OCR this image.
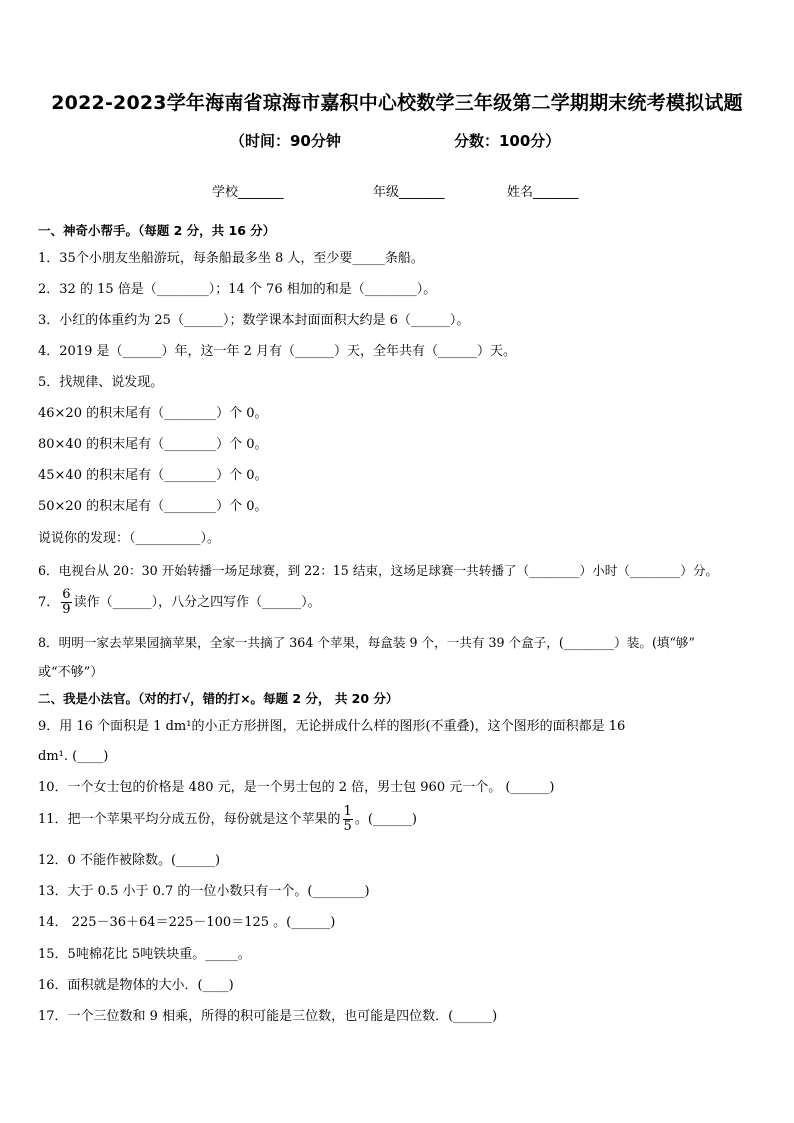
2022-2023学年海南省琼海市嘉积中心校数学三年级第二学期期末统考模拟试题
（时间：90分钟	分数：100分）
学校_______	年级_______	姓名_______
一、神奇小帮手。（每题 2 分，共 16 分）
1．35个小朋友坐船游玩，每条船最多坐 8 人，至少要_____条船。
2．32 的 15 倍是（________）；14 个 76 相加的和是（________）。
3．小红的体重约为 25（______）；数学课本封面面积大约是 6（______）。
4．2019 是（______）年，这一年 2 月有（______）天，全年共有（______）天。
5．找规律、说发现。
46×20 的积末尾有（________）个 0。
80×40 的积末尾有（________）个 0。
45×40 的积末尾有（________）个 0。
50×20 的积末尾有（________）个 0。
说说你的发现：（__________）。
6．电视台从 20：30 开始转播一场足球赛，到 22：15 结束，这场足球赛一共转播了（________）小时（________）分。
7． $\frac{6}{9}$ 读作（______），八分之四写作（______）。
8．明明一家去苹果园摘苹果，全家一共摘了 364 个苹果，每盒装 9 个，一共有 39 个盒子，(________）装。(填“够”
或“不够”）
二、我是小法官。（对的打√，错的打×。每题 2 分， 共 20 分）
9．用 16 个面积是 1 dm¹的小正方形拼图，无论拼成什么样的图形(不重叠)，这个图形的面积都是 16
dm¹. (____)
10．一个女士包的价格是 480 元，是一个男士包的 2 倍，男士包 960 元一个。 (______)
11．把一个苹果平均分成五份，每份就是这个苹果的 $\frac{1}{5}$ 。(______)
12．0 不能作被除数。(______)
13．大于 0.5 小于 0.7 的一位小数只有一个。(________)
14． 225－36＋64＝225－100＝125 。(______)
15．5吨棉花比 5吨铁块重。_____。
16．面积就是物体的大小．(____)
17．一个三位数和 9 相乘，所得的积可能是三位数，也可能是四位数．(______)
